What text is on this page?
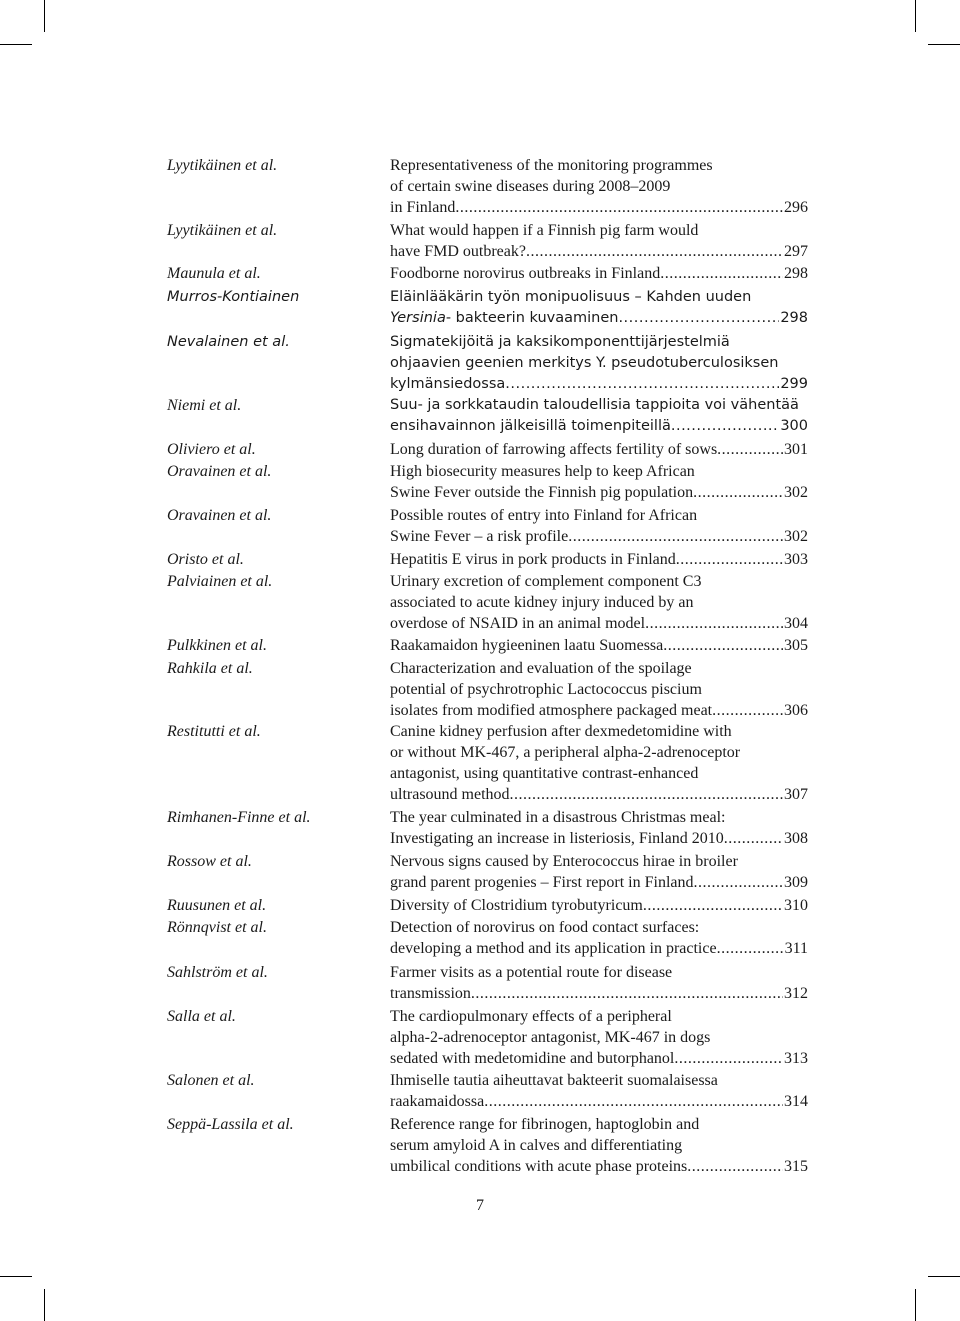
Lyytikäinen et al.	Representativeness of the monitoring programmes
of certain swine diseases during 2008–2009
in Finland .....	296
Lyytikäinen et al.	What would happen if a Finnish pig farm would
have FMD outbreak? .....	297
Maunula et al.	Foodborne norovirus outbreaks in Finland .....	298
Murros-Kontiainen	Eläinlääkärin työn monipuolisuus – Kahden uuden
Yersinia- bakteerin kuvaaminen .....	298
Nevalainen et al.	Sigmatekijöitä ja kaksikomponenttijärjestelmiä
ohjaavien geenien merkitys Y. pseudotuberculosiksen
kylmänsiedossa .....	299
Niemi et al.	Suu- ja sorkkataudin taloudellisia tappioita voi vähentää
ensihavainnon jälkeisillä toimenpiteillä .....	300
Oliviero et al.	Long duration of farrowing affects fertility of sows .....	301
Oravainen et al.	High biosecurity measures help to keep African
Swine Fever outside the Finnish pig population .....	302
Oravainen et al.	Possible routes of entry into Finland for African
Swine Fever – a risk profile .....	302
Oristo et al.	Hepatitis E virus in pork products in Finland .....	303
Palviainen et al.	Urinary excretion of complement component C3
associated to acute kidney injury induced by an
overdose of NSAID in an animal model .....	304
Pulkkinen et al.	Raakamaidon hygieeninen laatu Suomessa .....	305
Rahkila et al.	Characterization and evaluation of the spoilage
potential of psychrotrophic Lactococcus piscium
isolates from modified atmosphere packaged meat .....	306
Restitutti et al.	Canine kidney perfusion after dexmedetomidine with
or without MK-467, a peripheral alpha-2-adrenoceptor
antagonist, using quantitative contrast-enhanced
ultrasound method .....	307
Rimhanen-Finne et al.	The year culminated in a disastrous Christmas meal:
Investigating an increase in listeriosis, Finland 2010 .....	308
Rossow et al.	Nervous signs caused by Enterococcus hirae in broiler
grand parent progenies – First report in Finland .....	309
Ruusunen et al.	Diversity of Clostridium tyrobutyricum .....	310
Rönnqvist et al.	Detection of norovirus on food contact surfaces:
developing a method and its application in practice .....	311
Sahlström et al.	Farmer visits as a potential route for disease
transmission .....	312
Salla et al.	The cardiopulmonary effects of a peripheral
alpha-2-adrenoceptor antagonist, MK-467 in dogs
sedated with medetomidine and butorphanol .....	313
Salonen et al.	Ihmiselle tautia aiheuttavat bakteerit suomalaisessa
raakamaidossa .....	314
Seppä-Lassila et al.	Reference range for fibrinogen, haptoglobin and
serum amyloid A in calves and differentiating
umbilical conditions with acute phase proteins .....	315
7
